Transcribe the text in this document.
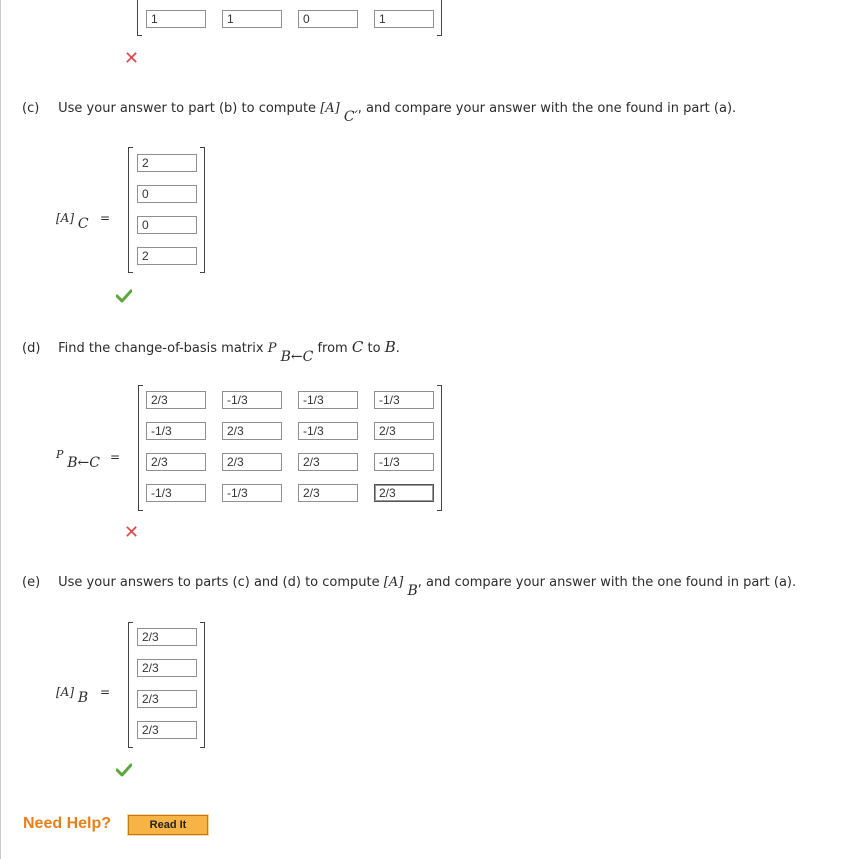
1	1	0	1
✕
(c) Use your answer to part (b) to compute [A] C′, and compare your answer with the one found in part (a).
[A] C =
2
0
0
2
(d) Find the change-of-basis matrix P B←C from C to B.
P B←C =
2/3	-1/3	-1/3	-1/3
-1/3	2/3	-1/3	2/3
2/3	2/3	2/3	-1/3
-1/3	-1/3	2/3	2/3
✕
(e) Use your answers to parts (c) and (d) to compute [A] B, and compare your answer with the one found in part (a).
[A] B =
2/3
2/3
2/3
2/3
Need Help?	Read It
